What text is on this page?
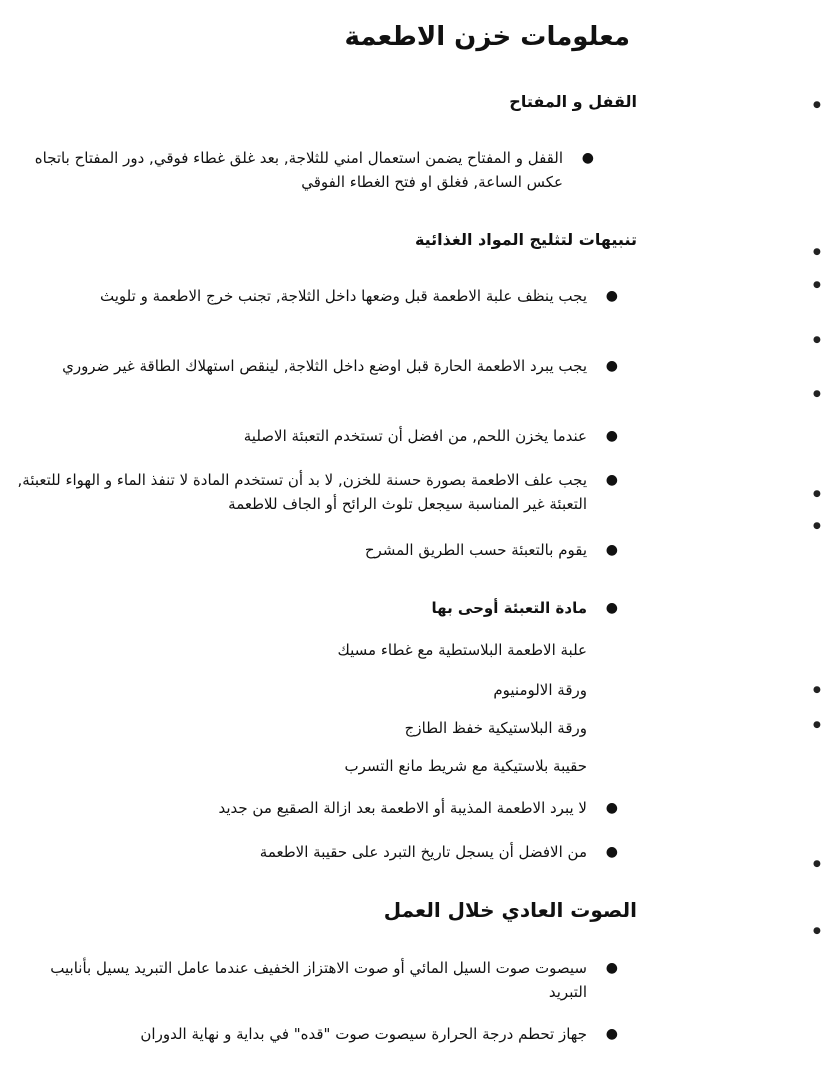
معلومات خزن الاطعمة
القفل و المفتاح
●
القفل و المفتاح يضمن استعمال امني للثلاجة, بعد غلق غطاء فوقي, دور المفتاح باتجاه عكس الساعة, فغلق او فتح الغطاء الفوقي
تنبيهات لتثليج المواد الغذائية
●
يجب ينظف علبة الاطعمة قبل وضعها داخل الثلاجة, تجنب خرج الاطعمة و تلويث
●
يجب يبرد الاطعمة الحارة قبل اوضع داخل الثلاجة, لينقص استهلاك الطاقة غير ضروري
●
عندما يخزن اللحم, من افضل أن تستخدم التعبئة الاصلية
●
يجب علف الاطعمة بصورة حسنة للخزن, لا بد أن تستخدم المادة لا تنفذ الماء و الهواء للتعبئة, التعبئة غير المناسبة سيجعل تلوث الرائح أو الجاف للاطعمة
●
يقوم بالتعبئة حسب الطريق المشرح
●
مادة التعبئة أوحى بها
علبة الاطعمة البلاستطية مع غطاء مسيك
ورقة الالومنيوم
ورقة البلاستيكية خفظ الطازج
حقيبة بلاستيكية مع شريط مانع التسرب
●
لا يبرد الاطعمة المذيبة أو الاطعمة بعد ازالة الصقيع من جديد
●
من الافضل أن يسجل تاريخ التبرد على حقيبة الاطعمة
الصوت العادي خلال العمل
●
سيصوت صوت السيل المائي أو صوت الاهتزاز الخفيف عندما عامل التبريد يسيل بأنابيب التبريد
●
جهاز تحطم درجة الحرارة سيصوت صوت "قده" في بداية و نهاية الدوران
●
●
●
●
●
●
●
●
●
●
●
